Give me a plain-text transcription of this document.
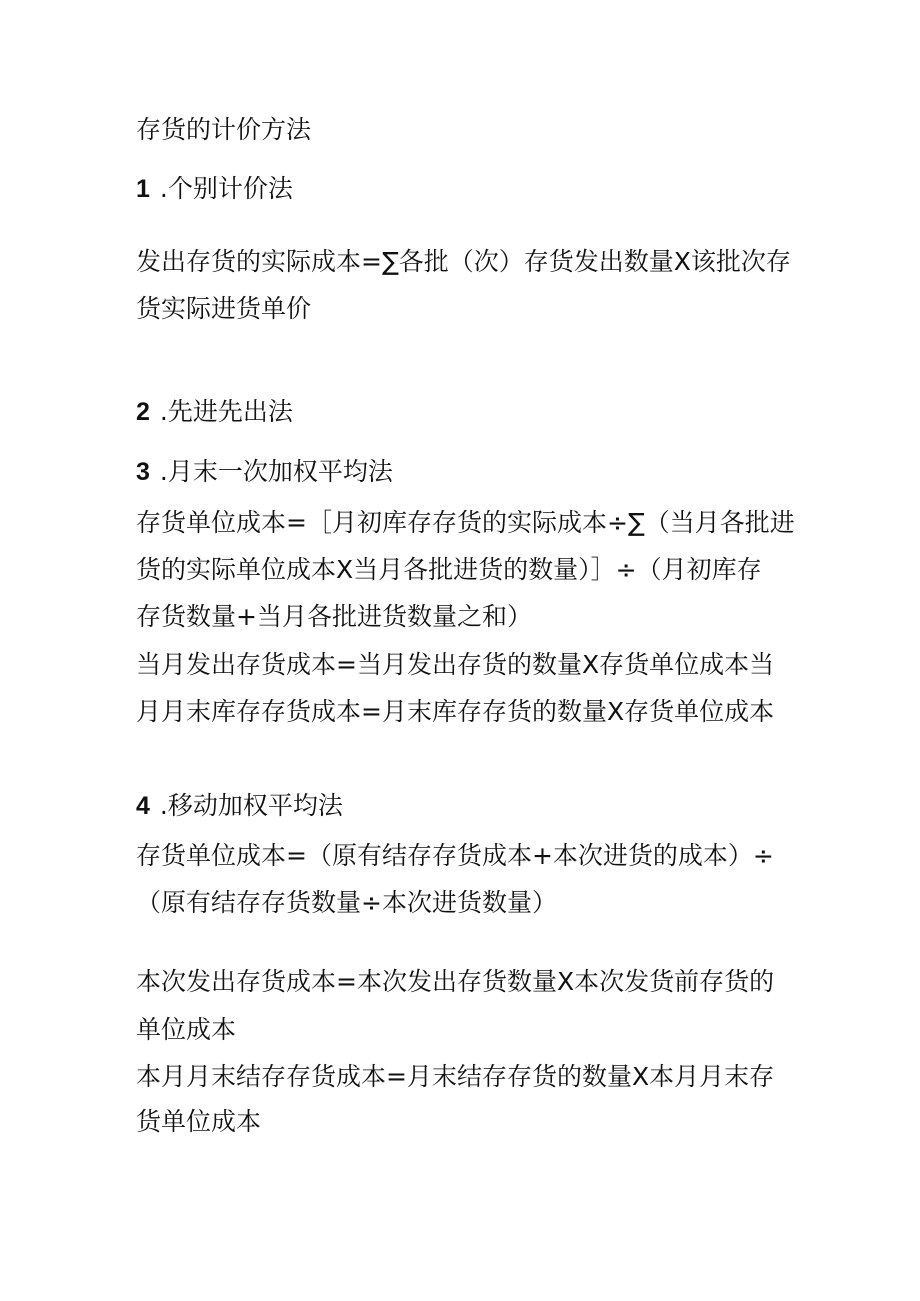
存货的计价方法
1 .个别计价法
发出存货的实际成本=∑各批（次）存货发出数量X该批次存
货实际进货单价
2 .先进先出法
3 .月末一次加权平均法
存货单位成本=［月初库存存货的实际成本÷∑（当月各批进
货的实际单位成本X当月各批进货的数量）］÷（月初库存
存货数量+当月各批进货数量之和）
当月发出存货成本=当月发出存货的数量X存货单位成本当
月月末库存存货成本=月末库存存货的数量X存货单位成本
4 .移动加权平均法
存货单位成本=（原有结存存货成本+本次进货的成本）÷
（原有结存存货数量÷本次进货数量）
本次发出存货成本=本次发出存货数量X本次发货前存货的
单位成本
本月月末结存存货成本=月末结存存货的数量X本月月末存
货单位成本
